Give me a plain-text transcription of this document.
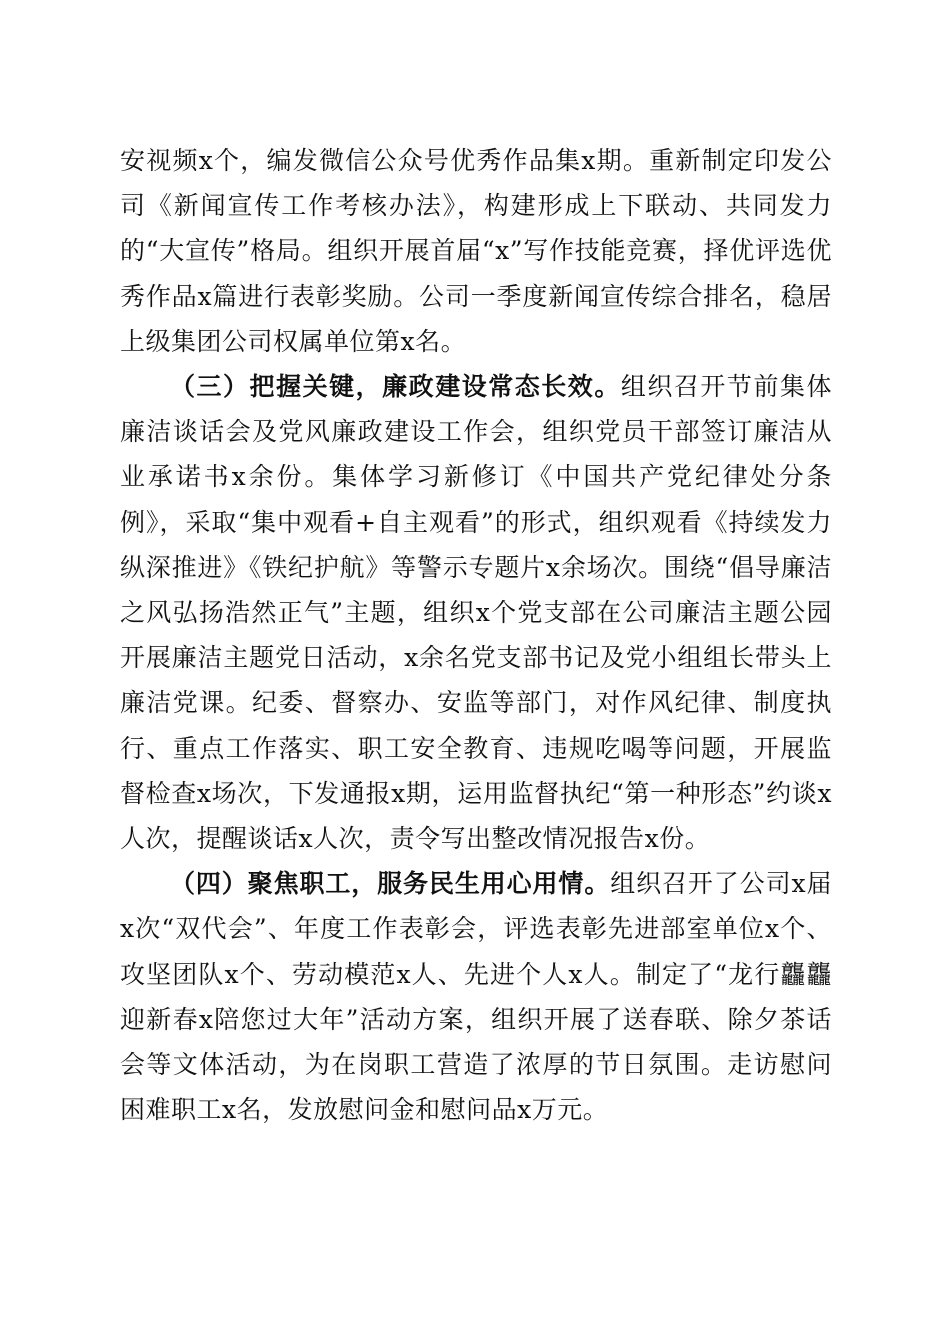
安视频x个，编发微信公众号优秀作品集x期。重新制定印发公司《新闻宣传工作考核办法》，构建形成上下联动、共同发力的“大宣传”格局。组织开展首届“x”写作技能竞赛，择优评选优秀作品x篇进行表彰奖励。公司一季度新闻宣传综合排名，稳居上级集团公司权属单位第x名。

（三）把握关键，廉政建设常态长效。组织召开节前集体廉洁谈话会及党风廉政建设工作会，组织党员干部签订廉洁从业承诺书x余份。集体学习新修订《中国共产党纪律处分条例》，采取“集中观看+自主观看”的形式，组织观看《持续发力纵深推进》《铁纪护航》等警示专题片x余场次。围绕“倡导廉洁之风弘扬浩然正气”主题，组织x个党支部在公司廉洁主题公园开展廉洁主题党日活动，x余名党支部书记及党小组组长带头上廉洁党课。纪委、督察办、安监等部门，对作风纪律、制度执行、重点工作落实、职工安全教育、违规吃喝等问题，开展监督检查x场次，下发通报x期，运用监督执纪“第一种形态”约谈x人次，提醒谈话x人次，责令写出整改情况报告x份。

（四）聚焦职工，服务民生用心用情。组织召开了公司x届x次“双代会”、年度工作表彰会，评选表彰先进部室单位x个、攻坚团队x个、劳动模范x人、先进个人x人。制定了“龙行龘龘迎新春x陪您过大年”活动方案，组织开展了送春联、除夕茶话会等文体活动，为在岗职工营造了浓厚的节日氛围。走访慰问困难职工x名，发放慰问金和慰问品x万元。
